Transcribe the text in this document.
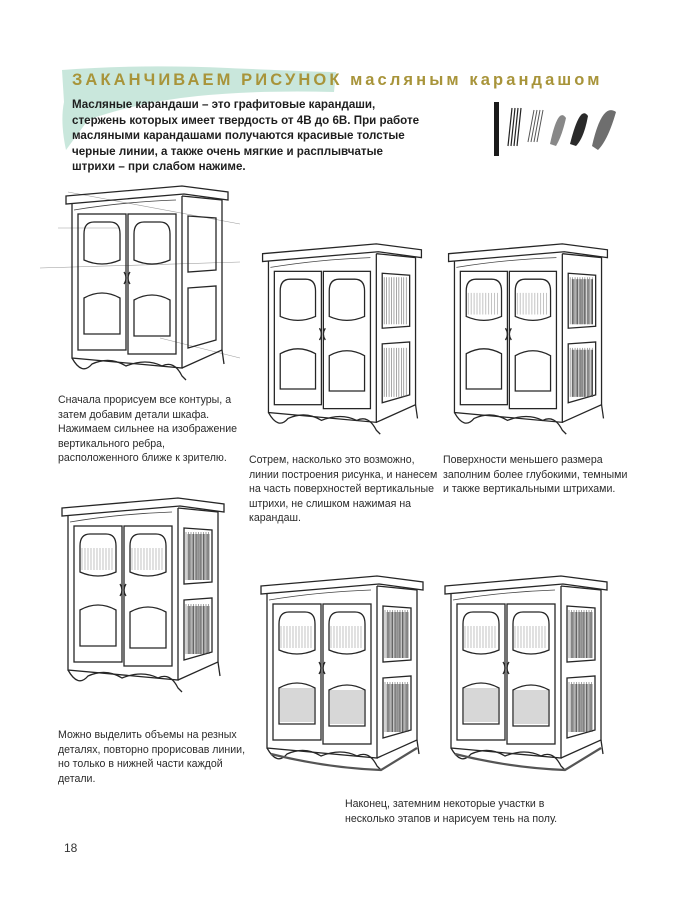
ЗАКАНЧИВАЕМ РИСУНОК масляным карандашом
Масляные карандаши – это графитовые карандаши, стержень которых имеет твердость от 4B до 6B. При работе масляными карандашами получаются красивые толстые черные линии, а также очень мягкие и расплывчатые штрихи – при слабом нажиме.
Сначала прорисуем все контуры, а затем добавим детали шкафа. Нажимаем сильнее на изображение вертикального ребра, расположенного ближе к зрителю.	Сотрем, насколько это возможно, линии построения рисунка, и нанесем на часть поверхностей вертикальные штрихи, не слишком нажимая на карандаш.
Поверхности меньшего размера заполним более глубокими, темными и также вертикальными штрихами.
Можно выделить объемы на резных деталях, повторно прорисовав линии, но только в нижней части каждой детали.
Наконец, затемним некоторые участки в несколько этапов и нарисуем тень на полу.
18
